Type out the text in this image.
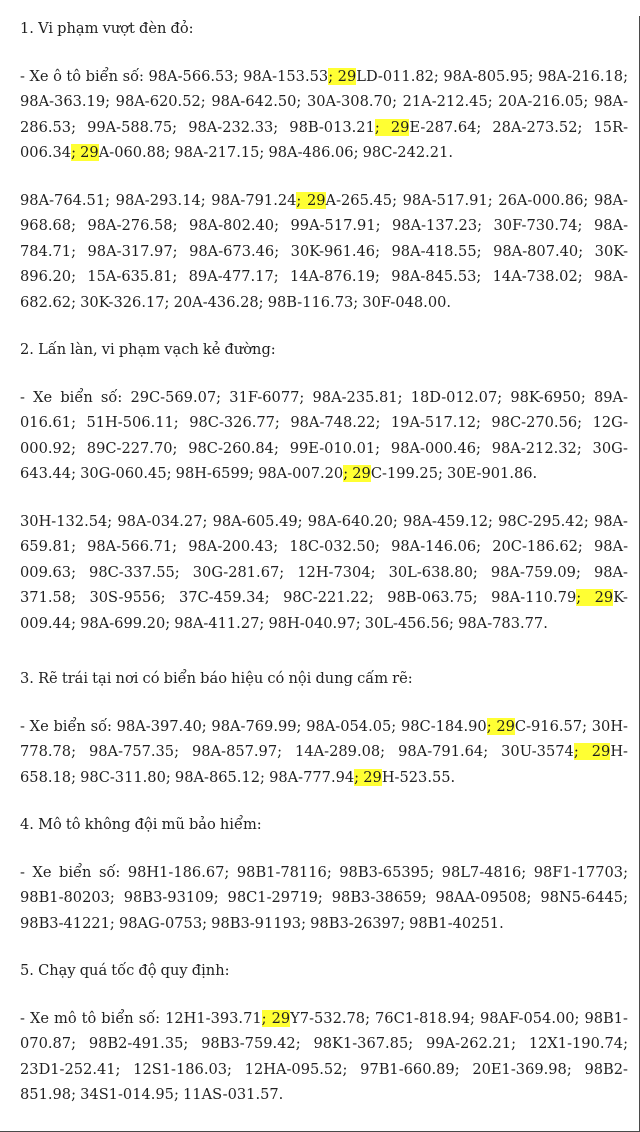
1. Vi phạm vượt đèn đỏ:

- Xe ô tô biển số: 98A-566.53; 98A-153.53; 29LD-011.82; 98A-805.95; 98A-216.18; 98A-363.19; 98A-620.52; 98A-642.50; 30A-308.70; 21A-212.45; 20A-216.05; 98A-286.53; 99A-588.75; 98A-232.33; 98B-013.21; 29E-287.64; 28A-273.52; 15R-006.34; 29A-060.88; 98A-217.15; 98A-486.06; 98C-242.21.

98A-764.51; 98A-293.14; 98A-791.24; 29A-265.45; 98A-517.91; 26A-000.86; 98A-968.68; 98A-276.58; 98A-802.40; 99A-517.91; 98A-137.23; 30F-730.74; 98A-784.71; 98A-317.97; 98A-673.46; 30K-961.46; 98A-418.55; 98A-807.40; 30K-896.20; 15A-635.81; 89A-477.17; 14A-876.19; 98A-845.53; 14A-738.02; 98A-682.62; 30K-326.17; 20A-436.28; 98B-116.73; 30F-048.00.

2. Lấn làn, vi phạm vạch kẻ đường:

- Xe biển số: 29C-569.07; 31F-6077; 98A-235.81; 18D-012.07; 98K-6950; 89A-016.61; 51H-506.11; 98C-326.77; 98A-748.22; 19A-517.12; 98C-270.56; 12G-000.92; 89C-227.70; 98C-260.84; 99E-010.01; 98A-000.46; 98A-212.32; 30G-643.44; 30G-060.45; 98H-6599; 98A-007.20; 29C-199.25; 30E-901.86.

30H-132.54; 98A-034.27; 98A-605.49; 98A-640.20; 98A-459.12; 98C-295.42; 98A-659.81; 98A-566.71; 98A-200.43; 18C-032.50; 98A-146.06; 20C-186.62; 98A-009.63; 98C-337.55; 30G-281.67; 12H-7304; 30L-638.80; 98A-759.09; 98A-371.58; 30S-9556; 37C-459.34; 98C-221.22; 98B-063.75; 98A-110.79; 29K-009.44; 98A-699.20; 98A-411.27; 98H-040.97; 30L-456.56; 98A-783.77.

3. Rẽ trái tại nơi có biển báo hiệu có nội dung cấm rẽ:

- Xe biển số: 98A-397.40; 98A-769.99; 98A-054.05; 98C-184.90; 29C-916.57; 30H-778.78; 98A-757.35; 98A-857.97; 14A-289.08; 98A-791.64; 30U-3574; 29H-658.18; 98C-311.80; 98A-865.12; 98A-777.94; 29H-523.55.

4. Mô tô không đội mũ bảo hiểm:

- Xe biển số: 98H1-186.67; 98B1-78116; 98B3-65395; 98L7-4816; 98F1-17703; 98B1-80203; 98B3-93109; 98C1-29719; 98B3-38659; 98AA-09508; 98N5-6445; 98B3-41221; 98AG-0753; 98B3-91193; 98B3-26397; 98B1-40251.

5. Chạy quá tốc độ quy định:

- Xe mô tô biển số: 12H1-393.71; 29Y7-532.78; 76C1-818.94; 98AF-054.00; 98B1-070.87; 98B2-491.35; 98B3-759.42; 98K1-367.85; 99A-262.21; 12X1-190.74; 23D1-252.41; 12S1-186.03; 12HA-095.52; 97B1-660.89; 20E1-369.98; 98B2-851.98; 34S1-014.95; 11AS-031.57.
